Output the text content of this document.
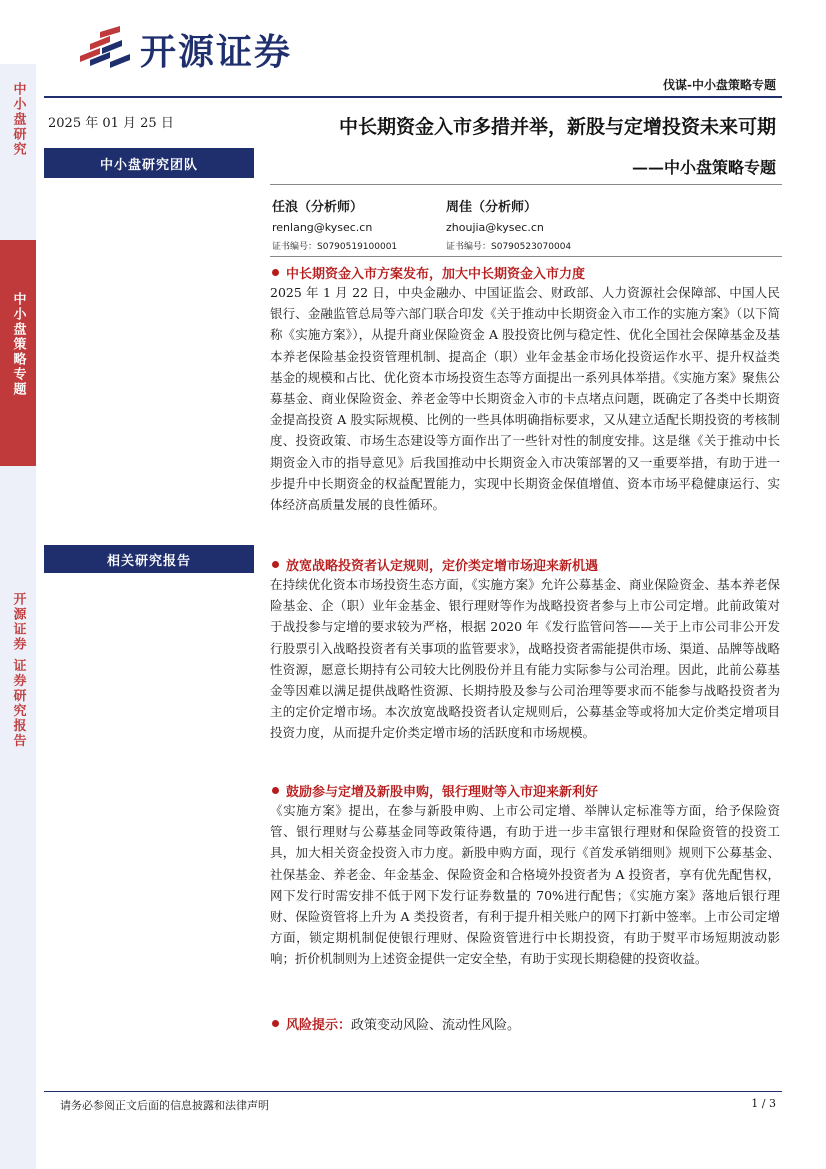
开源证券
伐谋-中小盘策略专题
中小盘研究
中小盘策略专题
开源证券 证券研究报告
2025 年 01 月 25 日
中小盘研究团队
相关研究报告
中长期资金入市多措并举，新股与定增投资未来可期
——中小盘策略专题
任浪（分析师）
renlang@kysec.cn
证书编号：S0790519100001
周佳（分析师）
zhoujia@kysec.cn
证书编号：S0790523070004
中长期资金入市方案发布，加大中长期资金入市力度
2025 年 1 月 22 日，中央金融办、中国证监会、财政部、人力资源社会保障部、中国人民银行、金融监管总局等六部门联合印发《关于推动中长期资金入市工作的实施方案》（以下简称《实施方案》），从提升商业保险资金 A 股投资比例与稳定性、优化全国社会保障基金及基本养老保险基金投资管理机制、提高企（职）业年金基金市场化投资运作水平、提升权益类基金的规模和占比、优化资本市场投资生态等方面提出一系列具体举措。《实施方案》聚焦公募基金、商业保险资金、养老金等中长期资金入市的卡点堵点问题，既确定了各类中长期资金提高投资 A 股实际规模、比例的一些具体明确指标要求，又从建立适配长期投资的考核制度、投资政策、市场生态建设等方面作出了一些针对性的制度安排。这是继《关于推动中长期资金入市的指导意见》后我国推动中长期资金入市决策部署的又一重要举措，有助于进一步提升中长期资金的权益配置能力，实现中长期资金保值增值、资本市场平稳健康运行、实体经济高质量发展的良性循环。
放宽战略投资者认定规则，定价类定增市场迎来新机遇
在持续优化资本市场投资生态方面，《实施方案》允许公募基金、商业保险资金、基本养老保险基金、企（职）业年金基金、银行理财等作为战略投资者参与上市公司定增。此前政策对于战投参与定增的要求较为严格，根据 2020 年《发行监管问答——关于上市公司非公开发行股票引入战略投资者有关事项的监管要求》，战略投资者需能提供市场、渠道、品牌等战略性资源，愿意长期持有公司较大比例股份并且有能力实际参与公司治理。因此，此前公募基金等因难以满足提供战略性资源、长期持股及参与公司治理等要求而不能参与战略投资者为主的定价定增市场。本次放宽战略投资者认定规则后，公募基金等或将加大定价类定增项目投资力度，从而提升定价类定增市场的活跃度和市场规模。
鼓励参与定增及新股申购，银行理财等入市迎来新利好
《实施方案》提出，在参与新股申购、上市公司定增、举牌认定标准等方面，给予保险资管、银行理财与公募基金同等政策待遇，有助于进一步丰富银行理财和保险资管的投资工具，加大相关资金投资入市力度。新股申购方面，现行《首发承销细则》规则下公募基金、社保基金、养老金、年金基金、保险资金和合格境外投资者为 A 投资者，享有优先配售权，网下发行时需安排不低于网下发行证券数量的 70%进行配售；《实施方案》落地后银行理财、保险资管将上升为 A 类投资者，有利于提升相关账户的网下打新中签率。上市公司定增方面，锁定期机制促使银行理财、保险资管进行中长期投资，有助于熨平市场短期波动影响；折价机制则为上述资金提供一定安全垫，有助于实现长期稳健的投资收益。
风险提示： 政策变动风险、流动性风险。
请务必参阅正文后面的信息披露和法律声明	1 / 3
